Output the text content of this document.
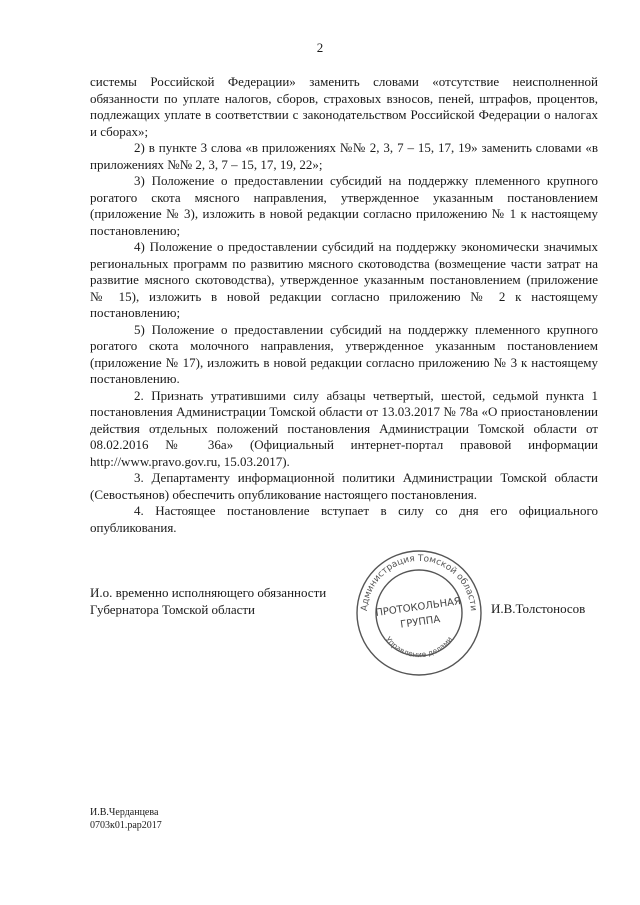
2

системы Российской Федерации» заменить словами «отсутствие неисполненной обязанности по уплате налогов, сборов, страховых взносов, пеней, штрафов, процентов, подлежащих уплате в соответствии с законодательством Российской Федерации о налогах и сборах»;

2) в пункте 3 слова «в приложениях №№ 2, 3, 7 – 15, 17, 19» заменить словами «в приложениях №№ 2, 3, 7 – 15, 17, 19, 22»;

3) Положение о предоставлении субсидий на поддержку племенного крупного рогатого скота мясного направления, утвержденное указанным постановлением (приложение № 3), изложить в новой редакции согласно приложению № 1 к настоящему постановлению;

4) Положение о предоставлении субсидий на поддержку экономически значимых региональных программ по развитию мясного скотоводства (возмещение части затрат на развитие мясного скотоводства), утвержденное указанным постановлением (приложение № 15), изложить в новой редакции согласно приложению № 2 к настоящему постановлению;

5) Положение о предоставлении субсидий на поддержку племенного крупного рогатого скота молочного направления, утвержденное указанным постановлением (приложение № 17), изложить в новой редакции согласно приложению № 3 к настоящему постановлению.

2. Признать утратившими силу абзацы четвертый, шестой, седьмой пункта 1 постановления Администрации Томской области от 13.03.2017 № 78а «О приостановлении действия отдельных положений постановления Администрации Томской области от 08.02.2016 № 36а» (Официальный интернет-портал правовой информации http://www.pravo.gov.ru, 15.03.2017).

3. Департаменту информационной политики Администрации Томской области (Севостьянов) обеспечить опубликование настоящего постановления.

4. Настоящее постановление вступает в силу со дня его официального опубликования.

И.о. временно исполняющего обязанности
Губернатора Томской области	Администрация Томской области
Управление делами
ПРОТОКОЛЬНАЯ
ГРУППА
И.В.Толстоносов
И.В.Черданцева
0703к01.рар2017
